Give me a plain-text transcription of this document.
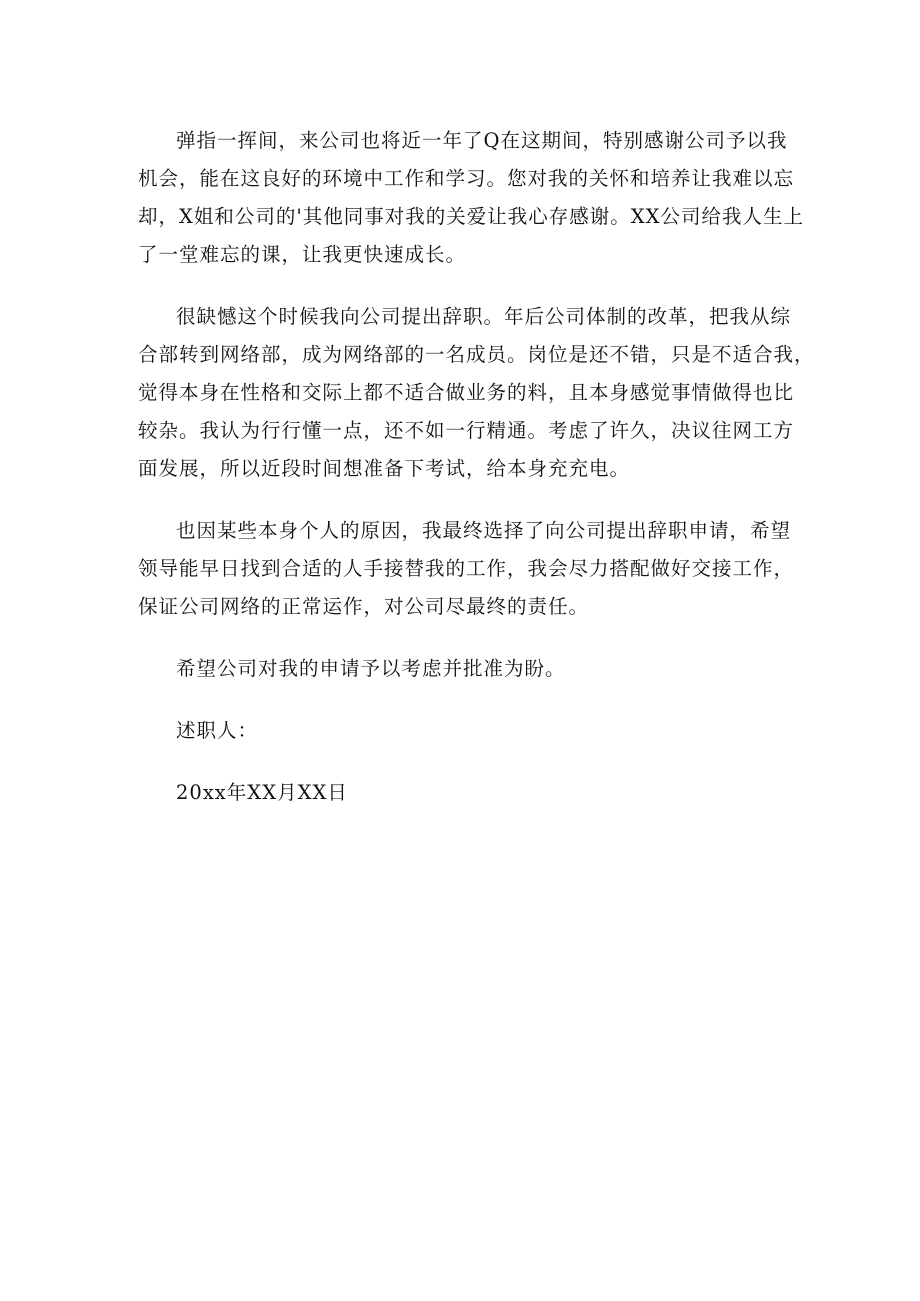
弹指一挥间，来公司也将近一年了Q在这期间，特别感谢公司予以我
机会，能在这良好的环境中工作和学习。您对我的关怀和培养让我难以忘
却，X姐和公司的'其他同事对我的关爱让我心存感谢。XX公司给我人生上
了一堂难忘的课，让我更快速成长。
很缺憾这个时候我向公司提出辞职。年后公司体制的改革，把我从综
合部转到网络部，成为网络部的一名成员。岗位是还不错，只是不适合我，
觉得本身在性格和交际上都不适合做业务的料，且本身感觉事情做得也比
较杂。我认为行行懂一点，还不如一行精通。考虑了许久，决议往网工方
面发展，所以近段时间想准备下考试，给本身充充电。
也因某些本身个人的原因，我最终选择了向公司提出辞职申请，希望
领导能早日找到合适的人手接替我的工作，我会尽力搭配做好交接工作，
保证公司网络的正常运作，对公司尽最终的责任。
希望公司对我的申请予以考虑并批准为盼。
述职人：
20xx年XX月XX日
